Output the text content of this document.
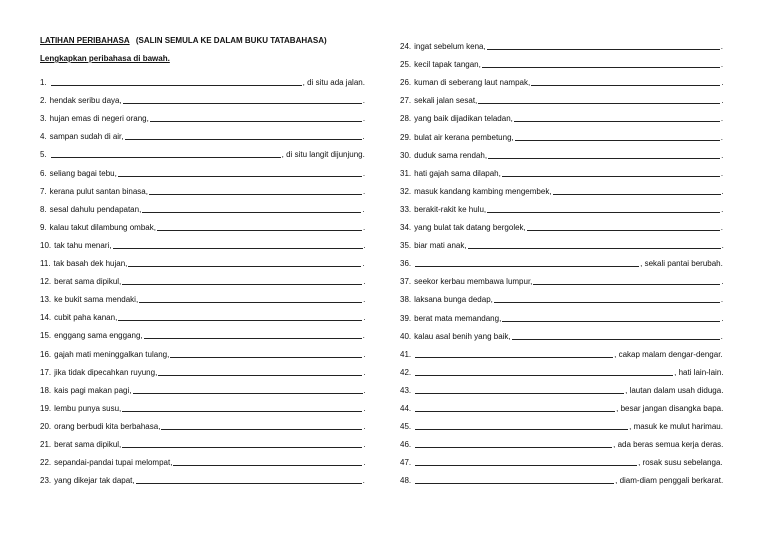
LATIHAN PERIBAHASA (SALIN SEMULA KE DALAM BUKU TATABAHASA)
Lengkapkan peribahasa di bawah.
1.	, di situ ada jalan.
2. hendak seribu daya,	.
3. hujan emas di negeri orang,	.
4. sampan sudah di air,	.
5.	, di situ langit dijunjung.
6. seliang bagai tebu,	.
7. kerana pulut santan binasa,	.
8. sesal dahulu pendapatan,	.
9. kalau takut dilambung ombak,	.
10. tak tahu menari,	.
11. tak basah dek hujan,	.
12. berat sama dipikul,	.
13. ke bukit sama mendaki,	.
14. cubit paha kanan,	.
15. enggang sama enggang,	.
16. gajah mati meninggalkan tulang,	.
17. jika tidak dipecahkan ruyung,	.
18. kais pagi makan pagi,	.
19. lembu punya susu,	.
20. orang berbudi kita berbahasa,	.
21. berat sama dipikul,	.
22. sepandai-pandai tupai melompat,	.
23. yang dikejar tak dapat,	.
24. ingat sebelum kena,	.
25. kecil tapak tangan,	.
26. kuman di seberang laut nampak,	.
27. sekali jalan sesat,	.
28. yang baik dijadikan teladan,	.
29. bulat air kerana pembetung,	.
30. duduk sama rendah,	.
31. hati gajah sama dilapah,	.
32. masuk kandang kambing mengembek,	.
33. berakit-rakit ke hulu,	.
34. yang bulat tak datang bergolek,	.
35. biar mati anak,	.
36.	, sekali pantai berubah.
37. seekor kerbau membawa lumpur,	.
38. laksana bunga dedap,	.
39. berat mata memandang,	.
40. kalau asal benih yang baik,	.
41.	, cakap malam dengar-dengar.
42.	, hati lain-lain.
43.	, lautan dalam usah diduga.
44.	, besar jangan disangka bapa.
45.	, masuk ke mulut harimau.
46.	, ada beras semua kerja deras.
47.	, rosak susu sebelanga.
48.	, diam-diam penggali berkarat.
